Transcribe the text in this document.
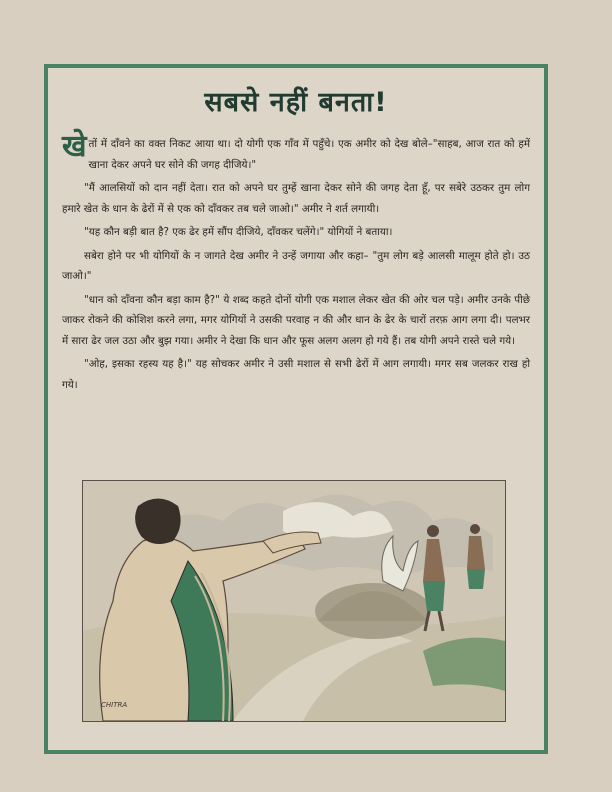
सबसे नहीं बनता!

खेतों में दाँवने का वक्त निकट आया था। दो योगी एक गाँव में पहुँचे। एक अमीर को देख बोले–"साहब, आज रात को हमें खाना देकर अपने घर सोने की जगह दीजिये।"

"मैं आलसियों को दान नहीं देता। रात को अपने घर तुम्हें खाना देकर सोने की जगह देता हूँ, पर सबेरे उठकर तुम लोग हमारे खेत के धान के ढेरों में से एक को दाँवकर तब चले जाओ।" अमीर ने शर्त लगायी।

"यह कौन बड़ी बात है? एक ढेर हमें सौंप दीजिये, दाँवकर चलेंगे।" योगियों ने बताया।

सबेरा होने पर भी योगियों के न जागते देख अमीर ने उन्हें जगाया और कहा– "तुम लोग बड़े आलसी मालूम होते हो। उठ जाओ।"

"धान को दाँवना कौन बड़ा काम है?" ये शब्द कहते दोनों योगी एक मशाल लेकर खेत की ओर चल पड़े। अमीर उनके पीछे जाकर रोकने की कोशिश करने लगा, मगर योगियों ने उसकी परवाह न की और धान के ढेर के चारों तरफ़ आग लगा दी। पलभर में सारा ढेर जल उठा और बुझ गया। अमीर ने देखा कि धान और फूस अलग अलग हो गये हैं। तब योगी अपने रास्ते चले गये।

"ओह, इसका रहस्य यह है।" यह सोचकर अमीर ने उसी मशाल से सभी ढेरों में आग लगायी। मगर सब जलकर राख हो गये।

CHITRA
